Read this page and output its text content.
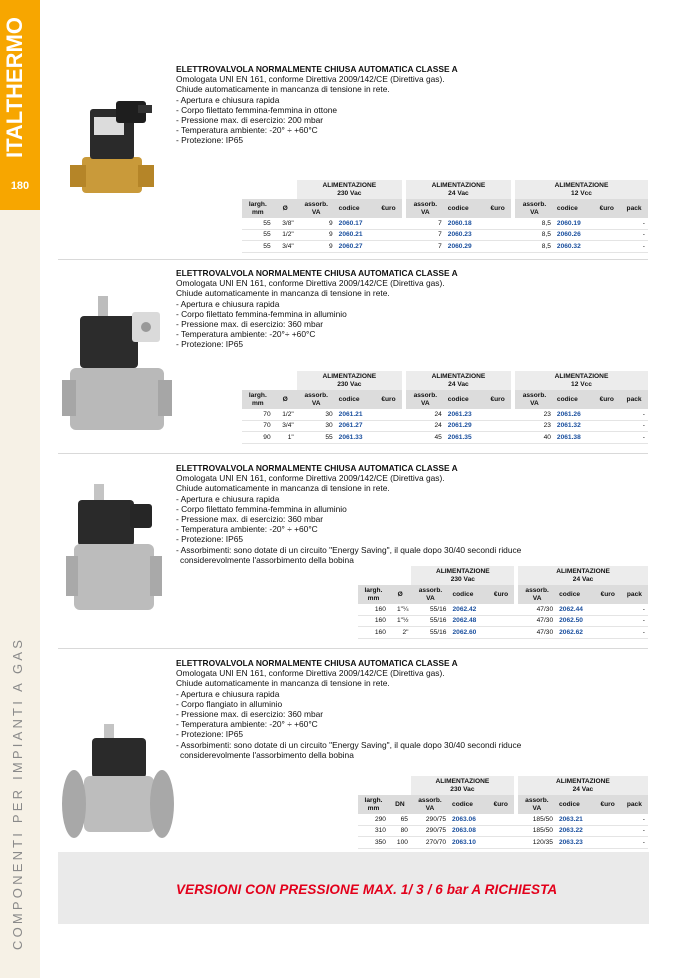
ITALTHERMO
180
COMPONENTI PER IMPIANTI A GAS
ELETTROVALVOLA NORMALMENTE CHIUSA AUTOMATICA CLASSE A
Omologata UNI EN 161, conforme Direttiva 2009/142/CE (Direttiva gas).
Chiude automaticamente in mancanza di tensione in rete.
- Apertura e chiusura rapida
- Corpo filettato femmina-femmina in ottone
- Pressione max. di esercizio: 200 mbar
- Temperatura ambiente: -20° ÷ +60°C
- Protezione: IP65
		ALIMENTAZIONE
230 Vac				ALIMENTAZIONE
24 Vac				ALIMENTAZIONE
12 Vcc			
largh.
mm	Ø	assorb.
VA	codice	€uro		assorb.
VA	codice	€uro		assorb.
VA	codice	€uro	pack
55	3/8"	9	2060.17			7	2060.18			8,5	2060.19		-
55	1/2"	9	2060.21			7	2060.23			8,5	2060.26		-
55	3/4"	9	2060.27			7	2060.29			8,5	2060.32		-
ELETTROVALVOLA NORMALMENTE CHIUSA AUTOMATICA CLASSE A
Omologata UNI EN 161, conforme Direttiva 2009/142/CE (Direttiva gas).
Chiude automaticamente in mancanza di tensione in rete.
- Apertura e chiusura rapida
- Corpo filettato femmina-femmina in alluminio
- Pressione max. di esercizio: 360 mbar
- Temperatura ambiente: -20°÷ +60°C
- Protezione: IP65
		ALIMENTAZIONE
230 Vac				ALIMENTAZIONE
24 Vac				ALIMENTAZIONE
12 Vcc			
largh.
mm	Ø	assorb.
VA	codice	€uro		assorb.
VA	codice	€uro		assorb.
VA	codice	€uro	pack
70	1/2"	30	2061.21			24	2061.23			23	2061.26		-
70	3/4"	30	2061.27			24	2061.29			23	2061.32		-
90	1"	55	2061.33			45	2061.35			40	2061.38		-
ELETTROVALVOLA NORMALMENTE CHIUSA AUTOMATICA CLASSE A
Omologata UNI EN 161, conforme Direttiva 2009/142/CE (Direttiva gas).
Chiude automaticamente in mancanza di tensione in rete.
- Apertura e chiusura rapida
- Corpo filettato femmina-femmina in alluminio
- Pressione max. di esercizio: 360 mbar
- Temperatura ambiente: -20° ÷ +60°C
- Protezione: IP65
- Assorbimenti: sono dotate di un circuito "Energy Saving", il quale dopo 30/40 secondi riduce
considerevolmente l'assorbimento della bobina
		ALIMENTAZIONE
230 Vac				ALIMENTAZIONE
24 Vac			
largh.
mm	Ø	assorb.
VA	codice	€uro		assorb.
VA	codice	€uro	pack
160	1"¼	55/16	2062.42			47/30	2062.44		-
160	1"½	55/16	2062.48			47/30	2062.50		-
160	2"	55/16	2062.60			47/30	2062.62		-
ELETTROVALVOLA NORMALMENTE CHIUSA AUTOMATICA CLASSE A
Omologata UNI EN 161, conforme Direttiva 2009/142/CE (Direttiva gas).
Chiude automaticamente in mancanza di tensione in rete.
- Apertura e chiusura rapida
- Corpo flangiato in alluminio
- Pressione max. di esercizio: 360 mbar
- Temperatura ambiente: -20° ÷ +60°C
- Protezione: IP65
- Assorbimenti: sono dotate di un circuito "Energy Saving", il quale dopo 30/40 secondi riduce
considerevolmente l'assorbimento della bobina
		ALIMENTAZIONE
230 Vac				ALIMENTAZIONE
24 Vac			
largh.
mm	DN	assorb.
VA	codice	€uro		assorb.
VA	codice	€uro	pack
290	65	290/75	2063.06			185/50	2063.21		-
310	80	290/75	2063.08			185/50	2063.22		-
350	100	270/70	2063.10			120/35	2063.23		-
VERSIONI CON PRESSIONE MAX. 1/ 3 / 6 bar A RICHIESTA
